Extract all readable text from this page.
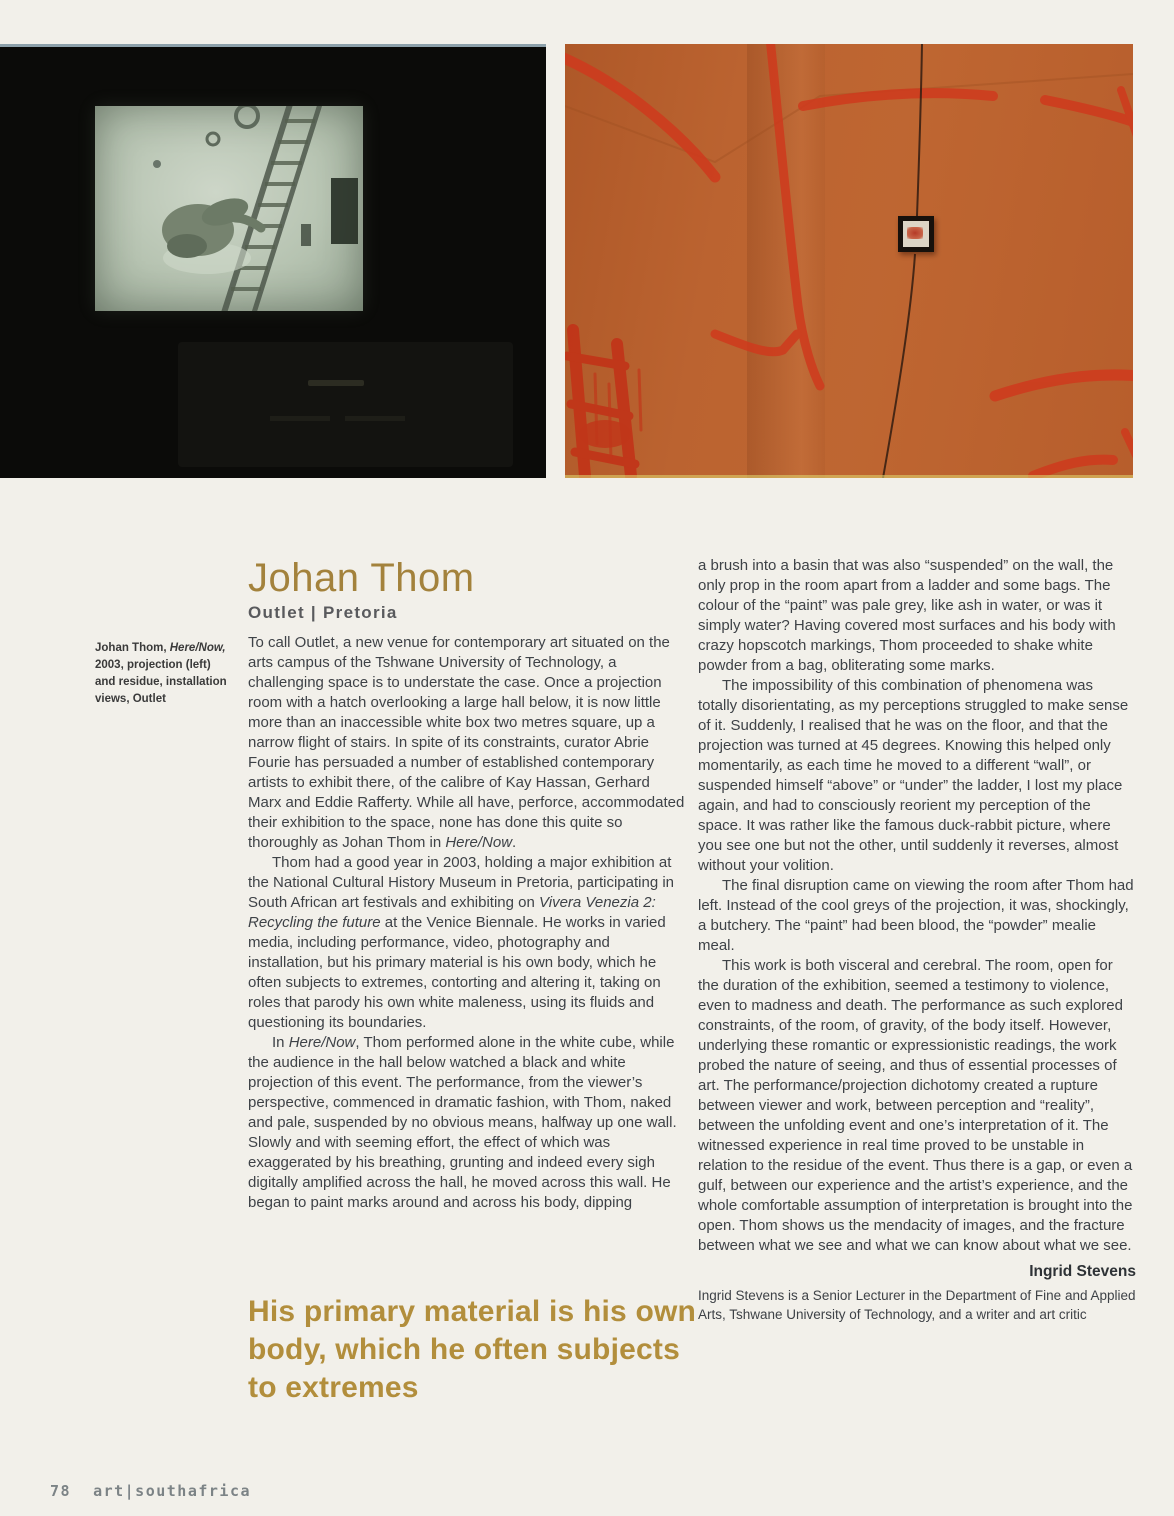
Johan Thom
Outlet | Pretoria
Johan Thom, Here/Now, 2003, projection (left) and residue, installation views, Outlet

To call Outlet, a new venue for contemporary art situated on the arts campus of the Tshwane University of Technology, a challenging space is to understate the case. Once a projection room with a hatch overlooking a large hall below, it is now little more than an inaccessible white box two metres square, up a narrow flight of stairs. In spite of its constraints, curator Abrie Fourie has persuaded a number of established contemporary artists to exhibit there, of the calibre of Kay Hassan, Gerhard Marx and Eddie Rafferty. While all have, perforce, accommodated their exhibition to the space, none has done this quite so thoroughly as Johan Thom in Here/Now.

Thom had a good year in 2003, holding a major exhibition at the National Cultural History Museum in Pretoria, participating in South African art festivals and exhibiting on Vivera Venezia 2: Recycling the future at the Venice Biennale. He works in varied media, including performance, video, photography and installation, but his primary material is his own body, which he often subjects to extremes, contorting and altering it, taking on roles that parody his own white maleness, using its fluids and questioning its boundaries.

In Here/Now, Thom performed alone in the white cube, while the audience in the hall below watched a black and white projection of this event. The performance, from the viewer’s perspective, commenced in dramatic fashion, with Thom, naked and pale, suspended by no obvious means, halfway up one wall. Slowly and with seeming effort, the effect of which was exaggerated by his breathing, grunting and indeed every sigh digitally amplified across the hall, he moved across this wall. He began to paint marks around and across his body, dipping

a brush into a basin that was also “suspended” on the wall, the only prop in the room apart from a ladder and some bags. The colour of the “paint” was pale grey, like ash in water, or was it simply water? Having covered most surfaces and his body with crazy hopscotch markings, Thom proceeded to shake white powder from a bag, obliterating some marks.

The impossibility of this combination of phenomena was totally disorientating, as my perceptions struggled to make sense of it. Suddenly, I realised that he was on the floor, and that the projection was turned at 45 degrees. Knowing this helped only momentarily, as each time he moved to a different “wall”, or suspended himself “above” or “under” the ladder, I lost my place again, and had to consciously reorient my perception of the space. It was rather like the famous duck-rabbit picture, where you see one but not the other, until suddenly it reverses, almost without your volition.

The final disruption came on viewing the room after Thom had left. Instead of the cool greys of the projection, it was, shockingly, a butchery. The “paint” had been blood, the “powder” mealie meal.

This work is both visceral and cerebral. The room, open for the duration of the exhibition, seemed a testimony to violence, even to madness and death. The performance as such explored constraints, of the room, of gravity, of the body itself. However, underlying these romantic or expressionistic readings, the work probed the nature of seeing, and thus of essential processes of art. The performance/projection dichotomy created a rupture between viewer and work, between perception and “reality”, between the unfolding event and one’s interpretation of it. The witnessed experience in real time proved to be unstable in relation to the residue of the event. Thus there is a gap, or even a gulf, between our experience and the artist’s experience, and the whole comfortable assumption of interpretation is brought into the open. Thom shows us the mendacity of images, and the fracture between what we see and what we can know about what we see.

Ingrid Stevens
Ingrid Stevens is a Senior Lecturer in the Department of Fine and Applied Arts, Tshwane University of Technology, and a writer and art critic
His primary material is his own body, which he often subjects to extremes
78 art|southafrica
